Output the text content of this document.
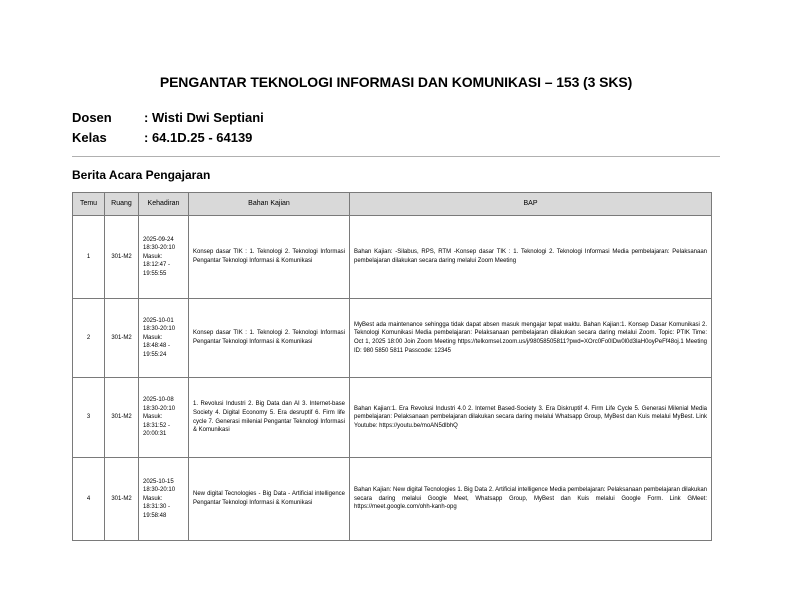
PENGANTAR TEKNOLOGI INFORMASI DAN KOMUNIKASI – 153 (3 SKS)
Dosen : Wisti Dwi Septiani
Kelas	: 64.1D.25 - 64139
Berita Acara Pengajaran
Temu	Ruang	Kehadiran	Bahan Kajian	BAP
1	301-M2	2025-09-24 18:30-20:10 Masuk: 18:12:47 - 19:55:55	Konsep dasar TIK : 1. Teknologi 2. Teknologi Informasi Pengantar Teknologi Informasi & Komunikasi	Bahan Kajian: -Silabus, RPS, RTM -Konsep dasar TIK : 1. Teknologi 2. Teknologi Informasi Media pembelajaran: Pelaksanaan pembelajaran dilakukan secara daring melalui Zoom Meeting
2	301-M2	2025-10-01 18:30-20:10 Masuk: 18:48:48 - 19:55:24	Konsep dasar TIK : 1. Teknologi 2. Teknologi Informasi Pengantar Teknologi Informasi & Komunikasi	MyBest ada maintenance sehingga tidak dapat absen masuk mengajar tepat waktu. Bahan Kajian:1. Konsep Dasar Komunikasi 2. Teknologi Komunikasi Media pembelajaran: Pelaksanaan pembelajaran dilakukan secara daring melalui Zoom. Topic: PTIK Time: Oct 1, 2025 18:00 Join Zoom Meeting https://telkomsel.zoom.us/j/98058505811?pwd=XOrc0Fo0lDw0l0d3laH0oyPeFf48oj.1 Meeting ID: 980 5850 5811 Passcode: 12345
3	301-M2	2025-10-08 18:30-20:10 Masuk: 18:31:52 - 20:00:31	1. Revolusi Industri 2. Big Data dan AI 3. Internet-base Society 4. Digital Economy 5. Era desruptif 6. Firm life cycle 7. Generasi milenial Pengantar Teknologi Informasi & Komunikasi	Bahan Kajian:1. Era Revolusi Industri 4.0 2. Internet Based-Society 3. Era Diskruptif 4. Firm Life Cycle 5. Generasi Milenial Media pembelajaran: Pelaksanaan pembelajaran dilakukan secara daring melalui Whatsapp Group, MyBest dan Kuis melalui MyBest. Link Youtube: https://youtu.be/moAN5dlbhQ
4	301-M2	2025-10-15 18:30-20:10 Masuk: 18:31:30 - 19:58:48	New digital Tecnologies - Big Data - Artificial intelligence Pengantar Teknologi Informasi & Komunikasi	Bahan Kajian: New digital Tecnologies 1. Big Data 2. Artificial intelligence Media pembelajaran: Pelaksanaan pembelajaran dilakukan secara daring melalui Google Meet, Whatsapp Group, MyBest dan Kuis melalui Google Form. Link GMeet: https://meet.google.com/ohh-kanh-opg
